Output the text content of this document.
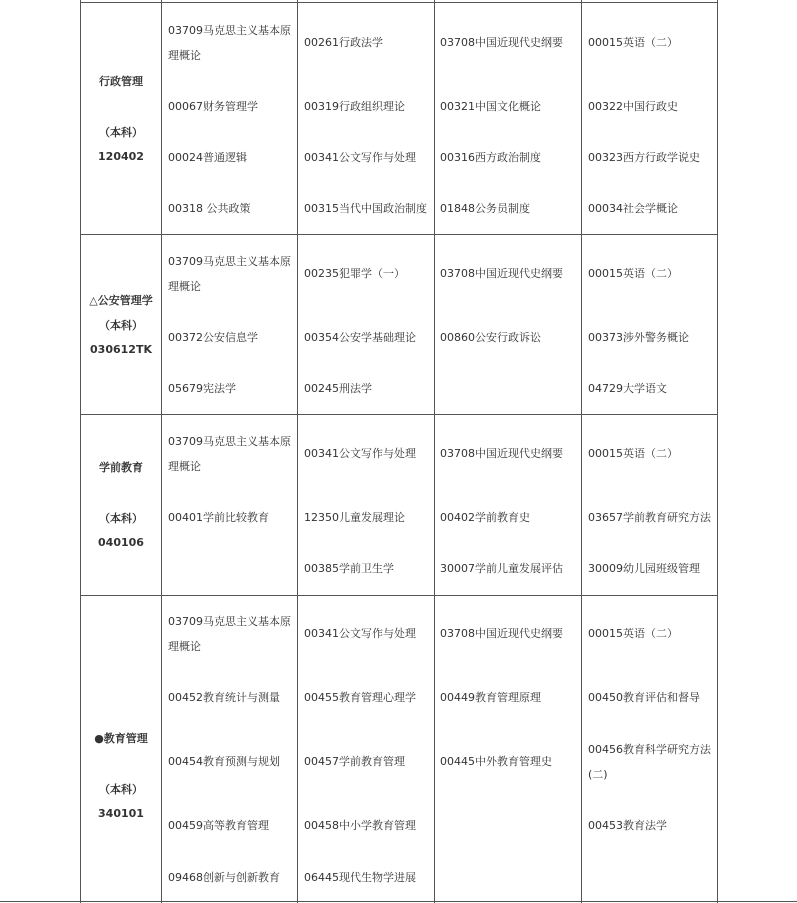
行政管理
（本科）
120402
03709马克思主义基本原理概论
00067财务管理学
00024普通逻辑
00318 公共政策
00261行政法学
00319行政组织理论
00341公文写作与处理
00315当代中国政治制度
03708中国近现代史纲要
00321中国文化概论
00316西方政治制度
01848公务员制度
00015英语（二）
00322中国行政史
00323西方行政学说史
00034社会学概论
△公安管理学
（本科）
030612TK
03709马克思主义基本原理概论
00372公安信息学
05679宪法学
00235犯罪学（一）
00354公安学基础理论
00245刑法学
03708中国近现代史纲要
00860公安行政诉讼
00015英语（二）
00373涉外警务概论
04729大学语文
学前教育
（本科）
040106
03709马克思主义基本原理概论
00401学前比较教育
00341公文写作与处理
12350儿童发展理论
00385学前卫生学
03708中国近现代史纲要
00402学前教育史
30007学前儿童发展评估
00015英语（二）
03657学前教育研究方法
30009幼儿园班级管理
●教育管理
（本科）
340101
03709马克思主义基本原理概论
00452教育统计与测量
00454教育预测与规划
00459高等教育管理
09468创新与创新教育
00341公文写作与处理
00455教育管理心理学
00457学前教育管理
00458中小学教育管理
06445现代生物学进展
03708中国近现代史纲要
00449教育管理原理
00445中外教育管理史
00015英语（二）
00450教育评估和督导
00456教育科学研究方法(二)
00453教育法学
